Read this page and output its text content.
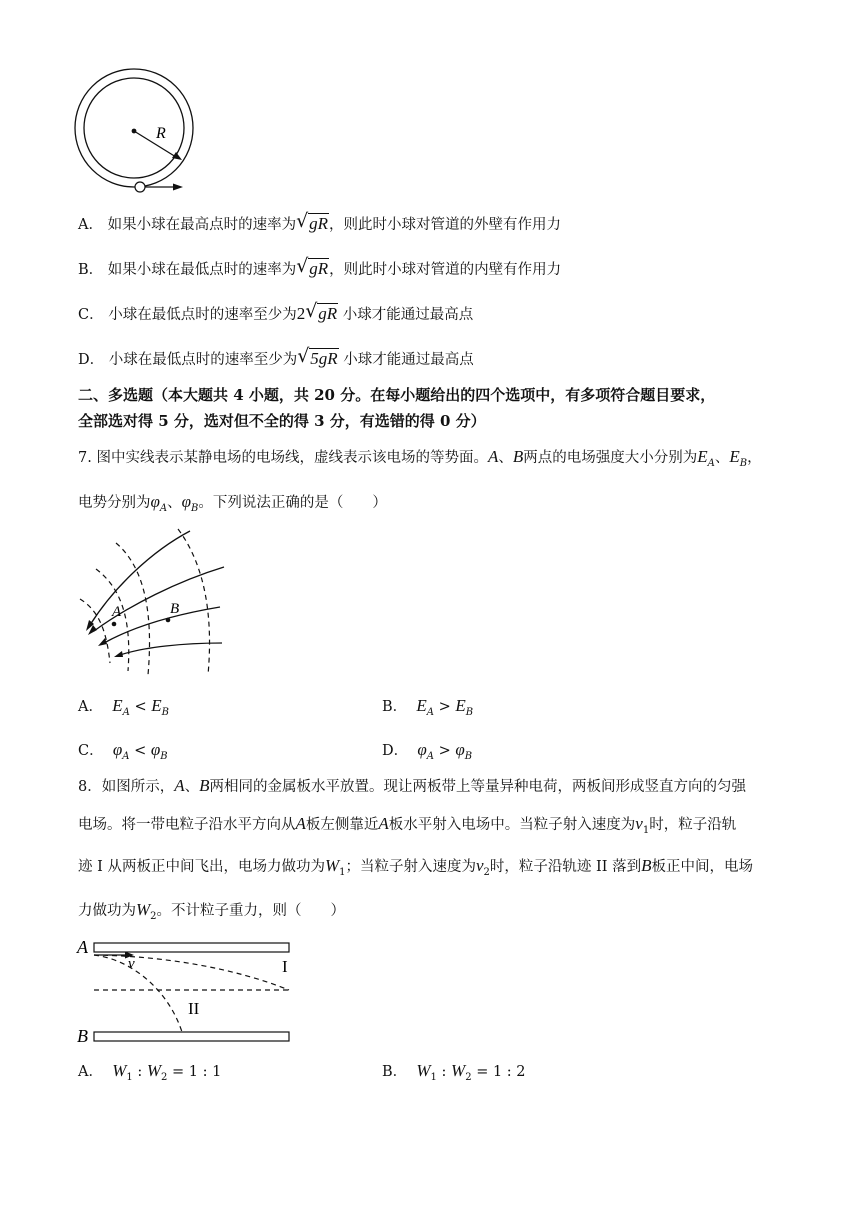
R
A． 如果小球在最高点时的速率为 √ gR，则此时小球对管道的外壁有作用力
B． 如果小球在最低点时的速率为 √ gR，则此时小球对管道的内壁有作用力
C． 小球在最低点时的速率至少为2 √ gR 小球才能通过最高点
D． 小球在最低点时的速率至少为 √ 5gR 小球才能通过最高点
二、多选题（本大题共 4 小题，共 20 分。在每小题给出的四个选项中，有多项符合题目要求，
全部选对得 5 分，选对但不全的得 3 分，有选错的得 0 分）
7. 图中实线表示某静电场的电场线，虚线表示该电场的等势面。A、B两点的电场强度大小分别为$E_A$、$E_B$，
电势分别为$\varphi_A$、$\varphi_B$。下列说法正确的是（　　）
A	B
A． $E_A < E_B$	B． $E_A > E_B$
C． $\varphi_A < \varphi_B$	D． $\varphi_A > \varphi_B$
8．如图所示，A、B两相同的金属板水平放置。现让两板带上等量异种电荷，两板间形成竖直方向的匀强
电场。将一带电粒子沿水平方向从A板左侧靠近A板水平射入电场中。当粒子射入速度为$v_1$时，粒子沿轨
迹 I 从两板正中间飞出，电场力做功为$W_1$；当粒子射入速度为$v_2$时，粒子沿轨迹 II 落到B板正中间，电场
力做功为$W_2$。不计粒子重力，则（　　）
A
v	I
II
B
A． $W_1$ : $W_2 = 1$ : 1	B． $W_1$ : $W_2 = 1$ : 2
